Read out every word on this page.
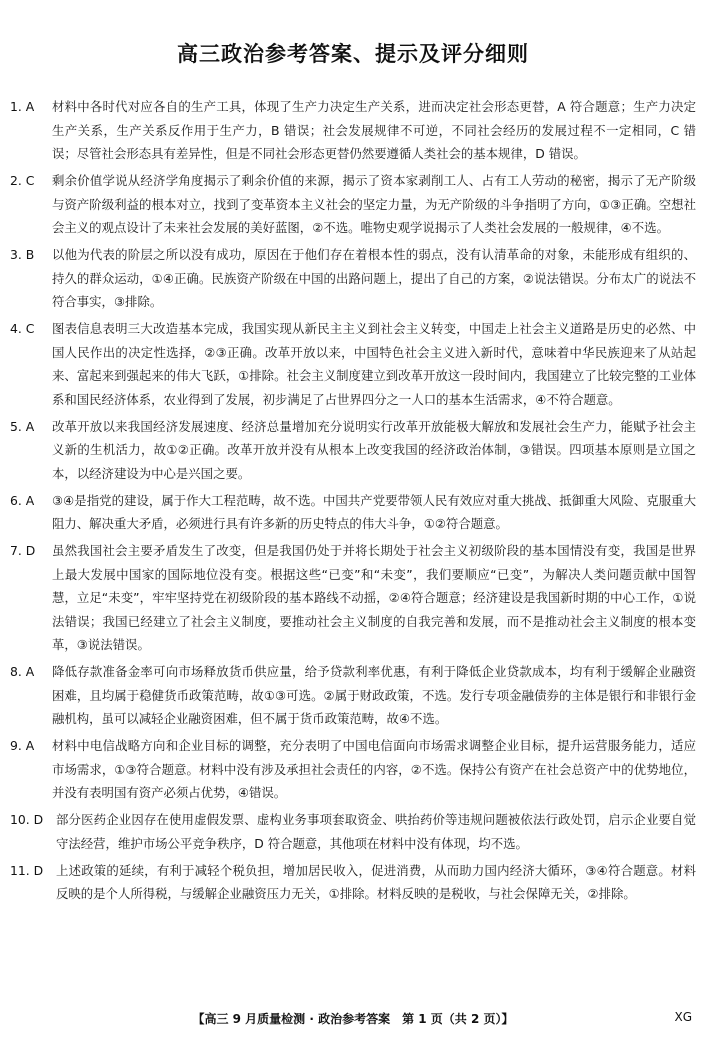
高三政治参考答案、提示及评分细则
1. A	材料中各时代对应各自的生产工具，体现了生产力决定生产关系，进而决定社会形态更替，A 符合题意；生产力决定生产关系，生产关系反作用于生产力，B 错误；社会发展规律不可逆，不同社会经历的发展过程不一定相同，C 错误；尽管社会形态具有差异性，但是不同社会形态更替仍然要遵循人类社会的基本规律，D 错误。
2. C	剩余价值学说从经济学角度揭示了剩余价值的来源，揭示了资本家剥削工人、占有工人劳动的秘密，揭示了无产阶级与资产阶级利益的根本对立，找到了变革资本主义社会的坚定力量，为无产阶级的斗争指明了方向，①③正确。空想社会主义的观点设计了未来社会发展的美好蓝图，②不选。唯物史观学说揭示了人类社会发展的一般规律，④不选。
3. B	以他为代表的阶层之所以没有成功，原因在于他们存在着根本性的弱点，没有认清革命的对象，未能形成有组织的、持久的群众运动，①④正确。民族资产阶级在中国的出路问题上，提出了自己的方案，②说法错误。分布太广的说法不符合事实，③排除。
4. C	图表信息表明三大改造基本完成，我国实现从新民主主义到社会主义转变，中国走上社会主义道路是历史的必然、中国人民作出的决定性选择，②③正确。改革开放以来，中国特色社会主义进入新时代，意味着中华民族迎来了从站起来、富起来到强起来的伟大飞跃，①排除。社会主义制度建立到改革开放这一段时间内，我国建立了比较完整的工业体系和国民经济体系，农业得到了发展，初步满足了占世界四分之一人口的基本生活需求，④不符合题意。
5. A	改革开放以来我国经济发展速度、经济总量增加充分说明实行改革开放能极大解放和发展社会生产力，能赋予社会主义新的生机活力，故①②正确。改革开放并没有从根本上改变我国的经济政治体制，③错误。四项基本原则是立国之本，以经济建设为中心是兴国之要。
6. A	③④是指党的建设，属于作大工程范畴，故不选。中国共产党要带领人民有效应对重大挑战、抵御重大风险、克服重大阻力、解决重大矛盾，必须进行具有许多新的历史特点的伟大斗争，①②符合题意。
7. D	虽然我国社会主要矛盾发生了改变，但是我国仍处于并将长期处于社会主义初级阶段的基本国情没有变，我国是世界上最大发展中国家的国际地位没有变。根据这些“已变”和“未变”，我们要顺应“已变”，为解决人类问题贡献中国智慧，立足“未变”，牢牢坚持党在初级阶段的基本路线不动摇，②④符合题意；经济建设是我国新时期的中心工作，①说法错误；我国已经建立了社会主义制度，要推动社会主义制度的自我完善和发展，而不是推动社会主义制度的根本变革，③说法错误。
8. A	降低存款准备金率可向市场释放货币供应量，给予贷款利率优惠，有利于降低企业贷款成本，均有利于缓解企业融资困难，且均属于稳健货币政策范畴，故①③可选。②属于财政政策，不选。发行专项金融债券的主体是银行和非银行金融机构，虽可以减轻企业融资困难，但不属于货币政策范畴，故④不选。
9. A	材料中电信战略方向和企业目标的调整，充分表明了中国电信面向市场需求调整企业目标，提升运营服务能力，适应市场需求，①③符合题意。材料中没有涉及承担社会责任的内容，②不选。保持公有资产在社会总资产中的优势地位，并没有表明国有资产必须占优势，④错误。
10. D	部分医药企业因存在使用虚假发票、虚构业务事项套取资金、哄抬药价等违规问题被依法行政处罚，启示企业要自觉守法经营，维护市场公平竞争秩序，D 符合题意，其他项在材料中没有体现，均不选。
11. D	上述政策的延续，有利于减轻个税负担，增加居民收入，促进消费，从而助力国内经济大循环，③④符合题意。材料反映的是个人所得税，与缓解企业融资压力无关，①排除。材料反映的是税收，与社会保障无关，②排除。
【高三 9 月质量检测 · 政治参考答案　第 1 页（共 2 页）】	XG
